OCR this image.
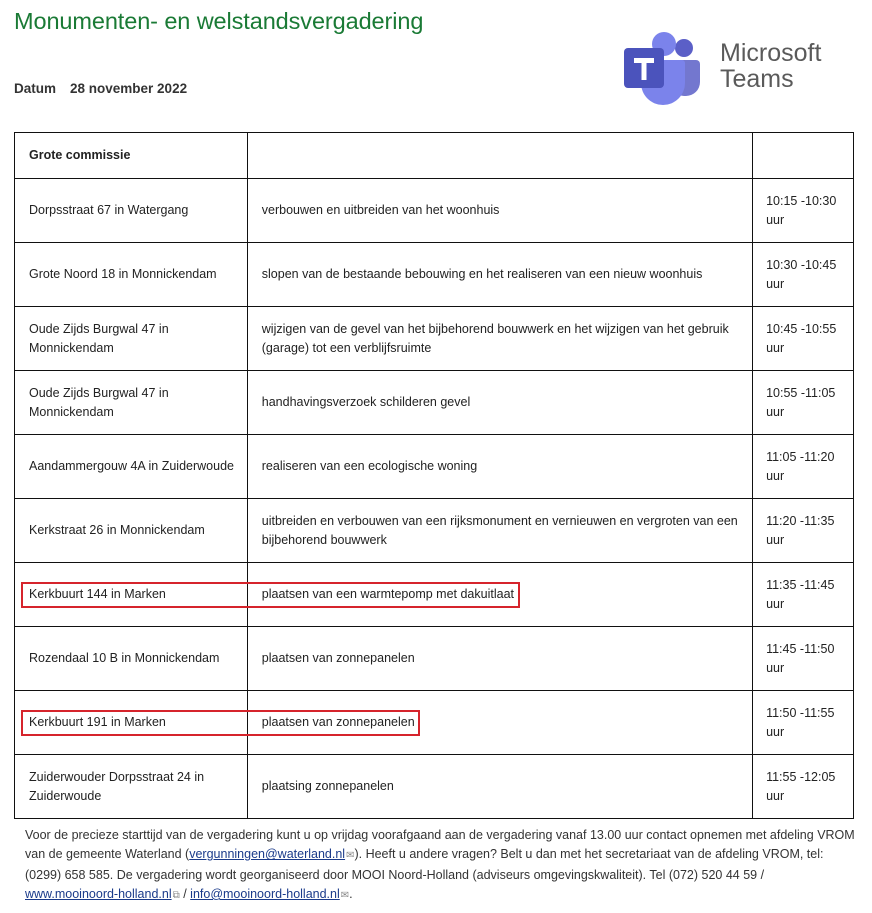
Monumenten- en welstandsvergadering
Datum 28 november 2022
Microsoft
Teams
Grote commissie		
Dorpsstraat 67 in Watergang	verbouwen en uitbreiden van het woonhuis	10:15 -10:30
uur

Grote Noord 18 in Monnickendam	slopen van de bestaande bebouwing en het realiseren van een nieuw woonhuis	10:30 -10:45
uur

Oude Zijds Burgwal 47 in Monnickendam	wijzigen van de gevel van het bijbehorend bouwwerk en het wijzigen van het gebruik (garage) tot een verblijfsruimte	10:45 -10:55
uur

Oude Zijds Burgwal 47 in Monnickendam	handhavingsverzoek schilderen gevel	10:55 -11:05
uur

Aandammergouw 4A in Zuiderwoude	realiseren van een ecologische woning	11:05 -11:20
uur

Kerkstraat 26 in Monnickendam	uitbreiden en verbouwen van een rijksmonument en vernieuwen en vergroten van een bijbehorend bouwwerk	11:20 -11:35
uur

Kerkbuurt 144 in Marken	plaatsen van een warmtepomp met dakuitlaat	11:35 -11:45
uur

Rozendaal 10 B in Monnickendam	plaatsen van zonnepanelen	11:45 -11:50
uur

Kerkbuurt 191 in Marken	plaatsen van zonnepanelen	11:50 -11:55
uur

Zuiderwouder Dorpsstraat 24 in Zuiderwoude	plaatsing zonnepanelen	11:55 -12:05
uur
Voor de precieze starttijd van de vergadering kunt u op vrijdag voorafgaand aan de vergadering vanaf 13.00 uur contact opnemen met afdeling VROM van de gemeente Waterland (vergunningen@waterland.nl✉). Heeft u andere vragen? Belt u dan met het secretariaat van de afdeling VROM, tel: (0299) 658 585. De vergadering wordt georganiseerd door MOOI Noord-Holland (adviseurs omgevingskwaliteit). Tel (072) 520 44 59 / www.mooinoord-holland.nl⧉ / info@mooinoord-holland.nl✉.
